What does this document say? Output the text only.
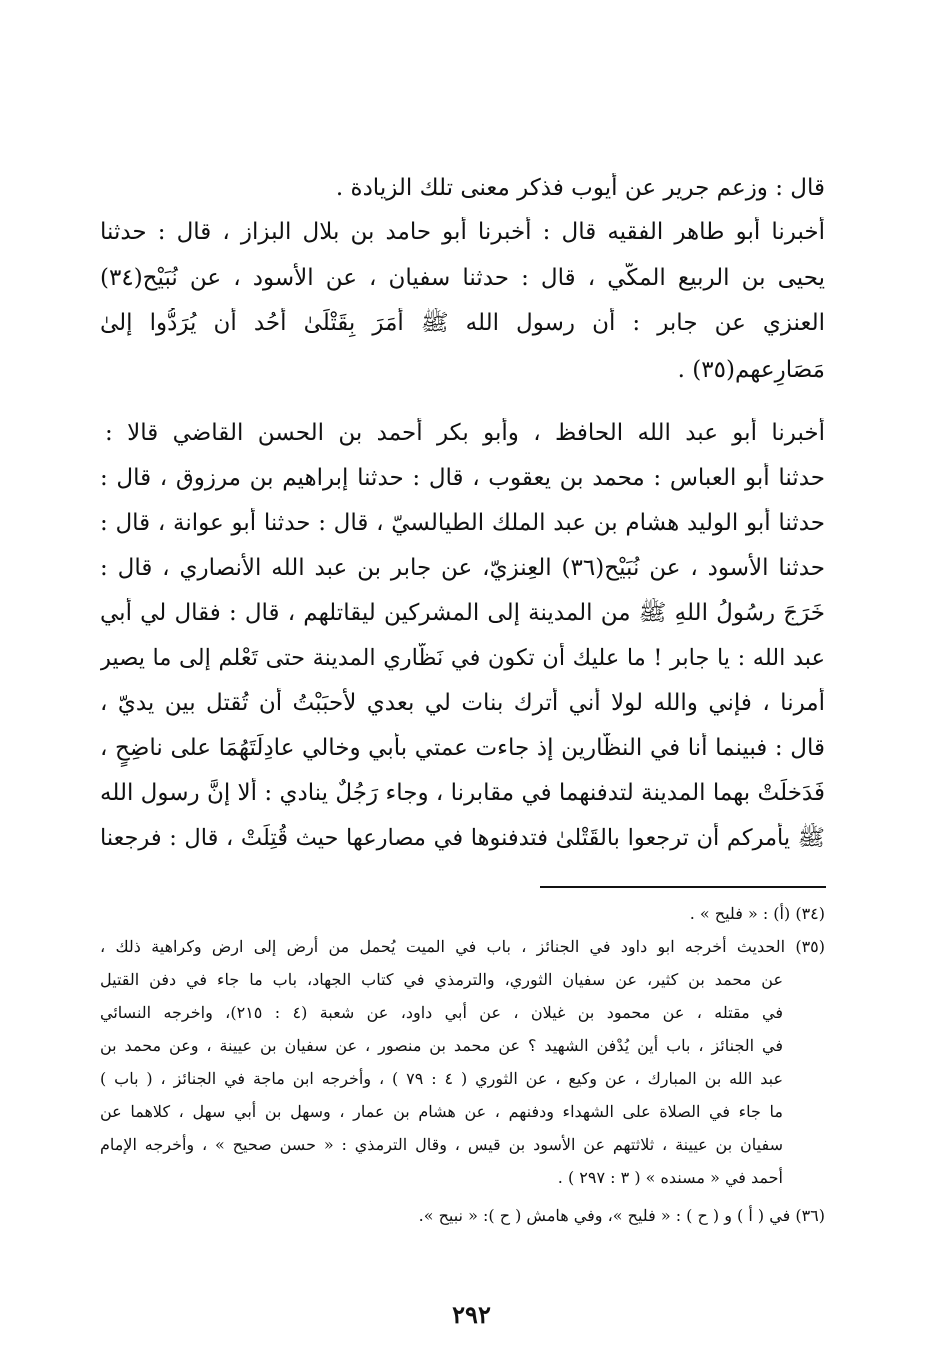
قال : وزعم جرير عن أيوب فذكر معنى تلك الزيادة .
أخبرنا أبو طاهر الفقيه قال : أخبرنا أبو حامد بن بلال البزاز ، قال : حدثنا
يحيى بن الربيع المكّي ، قال : حدثنا سفيان ، عن الأسود ، عن نُبَيْح(٣٤)
العنزي عن جابر : أن رسول الله ﷺ أَمَرَ بِقَتْلَىٰ أُحُد أن يُرَدُّوا إلىٰ
مَصَارِعهم(٣٥) .
أخبرنا أبو عبد الله الحافظ ، وأبو بكر أحمد بن الحسن القاضي قالا :
حدثنا أبو العباس : محمد بن يعقوب ، قال : حدثنا إبراهيم بن مرزوق ، قال :
حدثنا أبو الوليد هشام بن عبد الملك الطيالسيّ ، قال : حدثنا أبو عوانة ، قال :
حدثنا الأسود ، عن نُبَيْح(٣٦) العِنزيّ، عن جابر بن عبد الله الأنصاري ، قال :
خَرَجَ رسُولُ اللهِ ﷺ من المدينة إلى المشركين ليقاتلهم ، قال : فقال لي أبي
عبد الله : يا جابر ! ما عليك أن تكون في نَظَّاري المدينة حتى تَعْلم إلى ما يصير
أمرنا ، فإني والله لولا أني أترك بنات لي بعدي لأحبَبْتُ أن تُقتل بين يديّ ،
قال : فبينما أنا في النظّارين إذ جاءت عمتي بأبي وخالي عادِلَتَهُمَا على ناضِحٍ ،
فَدَخلَتْ بهما المدينة لتدفنهما في مقابرنا ، وجاء رَجُلٌ ينادي : ألا إنَّ رسول الله
ﷺ يأمركم أن ترجعوا بالقَتْلىٰ فتدفنوها في مصارعها حيث قُتِلَتْ ، قال : فرجعنا
(٣٤) (أ) : « فليح » .
(٣٥) الحديث أخرجه ابو داود في الجنائز ، باب في الميت يُحمل من أرض إلى ارض وكراهية ذلك ،
عن محمد بن كثير، عن سفيان الثوري، والترمذي في كتاب الجهاد، باب ما جاء في دفن القتيل
في مقتله ، عن محمود بن غيلان ، عن أبي داود، عن شعبة (٤ : ٢١٥)، واخرجه النسائي
في الجنائز ، باب أين يُدْفن الشهيد ؟ عن محمد بن منصور ، عن سفيان بن عيينة ، وعن محمد بن
عبد الله بن المبارك ، عن وكيع ، عن الثوري ( ٤ : ٧٩ ) ، وأخرجه ابن ماجة في الجنائز ، ( باب )
ما جاء في الصلاة على الشهداء ودفنهم ، عن هشام بن عمار ، وسهل بن أبي سهل ، كلاهما عن
سفيان بن عيينة ، ثلاثتهم عن الأسود بن قيس ، وقال الترمذي : « حسن صحيح » ، وأخرجه الإمام
أحمد في « مسنده » ( ٣ : ٢٩٧ ) .
(٣٦) في ( أ ) و ( ح ) : « فليح »، وفي هامش ( ح ): « نبيح ».
٢٩٢
